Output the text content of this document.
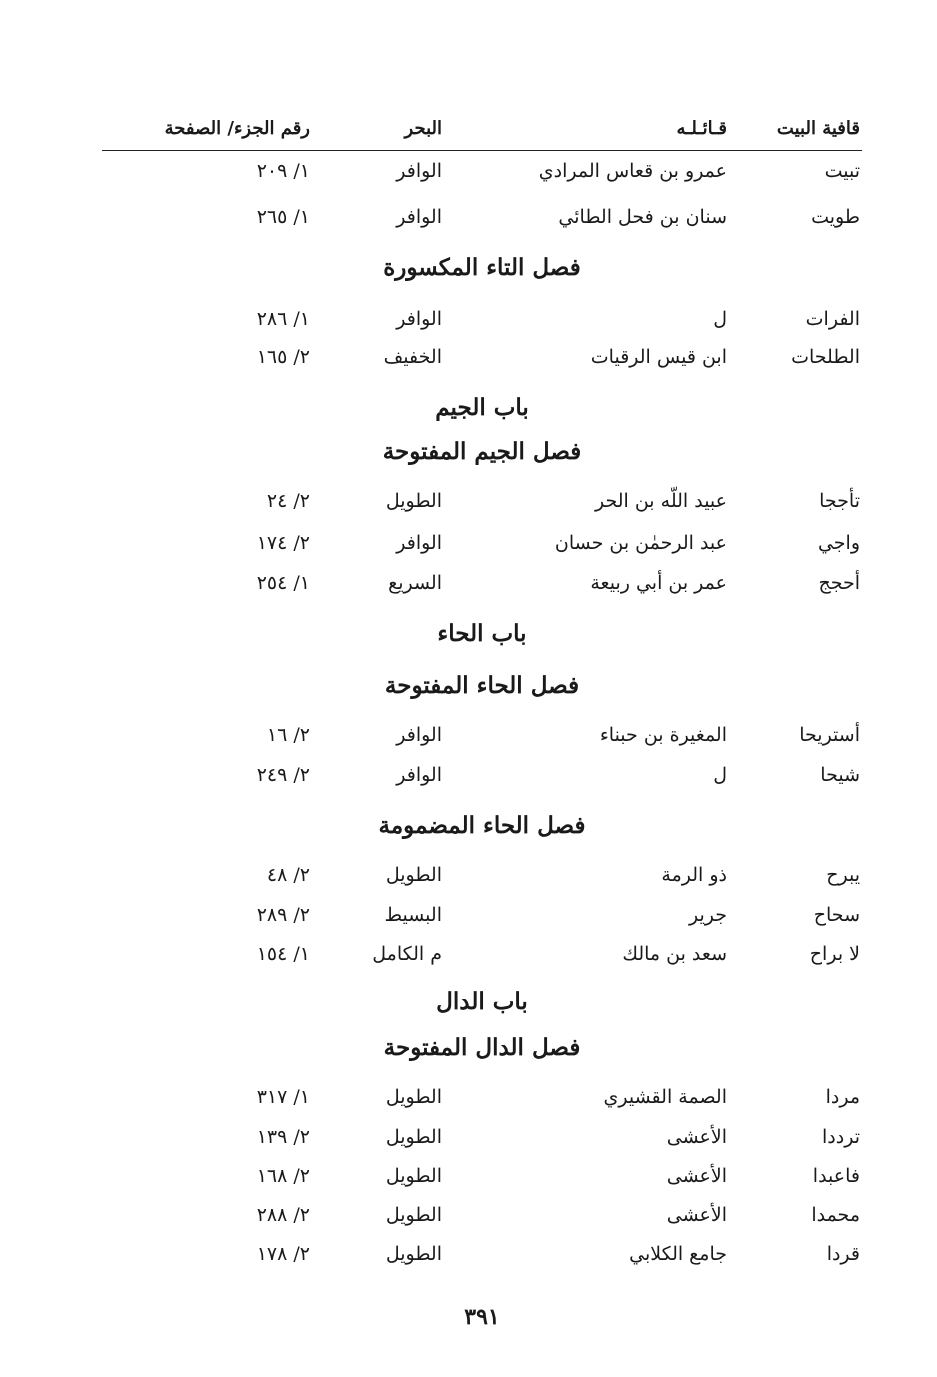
قافية البيت
قـائـلـه
البحر
رقم الجزء/ الصفحة
تبيت
عمرو بن قعاس المرادي
الوافر
١/ ٢٠٩
طويت
سنان بن فحل الطائي
الوافر
١/ ٢٦٥
فصل التاء المكسورة
الفرات
ل
الوافر
١/ ٢٨٦
الطلحات
ابن قيس الرقيات
الخفيف
٢/ ١٦٥
باب الجيم
فصل الجيم المفتوحة
تأججا
عبيد اللّه بن الحر
الطويل
٢/ ٢٤
واجي
عبد الرحمٰن بن حسان
الوافر
٢/ ١٧٤
أحجج
عمر بن أبي ربيعة
السريع
١/ ٢٥٤
باب الحاء
فصل الحاء المفتوحة
أستريحا
المغيرة بن حبناء
الوافر
٢/ ١٦
شيحا
ل
الوافر
٢/ ٢٤٩
فصل الحاء المضمومة
يبرح
ذو الرمة
الطويل
٢/ ٤٨
سحاح
جرير
البسيط
٢/ ٢٨٩
لا براح
سعد بن مالك
م الكامل
١/ ١٥٤
باب الدال
فصل الدال المفتوحة
مردا
الصمة القشيري
الطويل
١/ ٣١٧
ترددا
الأعشى
الطويل
٢/ ١٣٩
فاعبدا
الأعشى
الطويل
٢/ ١٦٨
محمدا
الأعشى
الطويل
٢/ ٢٨٨
قردا
جامع الكلابي
الطويل
٢/ ١٧٨
٣٩١
